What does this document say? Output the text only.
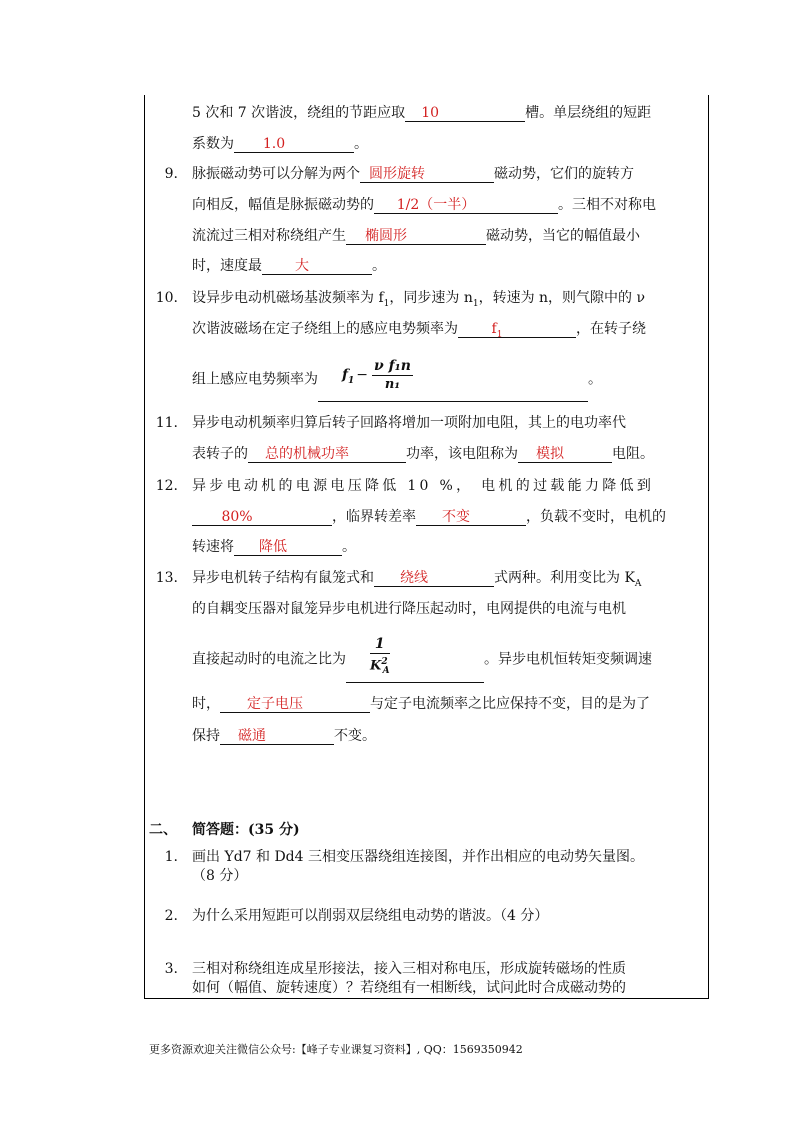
5 次和 7 次谐波，绕组的节距应取 10	槽。单层绕组的短距
系数为 1.0	。
9. 脉振磁动势可以分解为两个 圆形旋转	磁动势，它们的旋转方
向相反，幅值是脉振磁动势的 1/2（一半）	。三相不对称电
流流过三相对称绕组产生 椭圆形	磁动势，当它的幅值最小
时，速度最 大	。
10. 设异步电动机磁场基波频率为 $f_1$，同步速为 $n_1$，转速为 n，则气隙中的 ν
次谐波磁场在定子绕组上的感应电势频率为 $f_1$	，在转子绕
组上感应电势频率为 $f_1 - \frac{\text{ν f₁n}}{\text{n₁}}$	。
11. 异步电动机频率归算后转子回路将增加一项附加电阻，其上的电功率代
表转子的 总的机械功率	功率，该电阻称为 模拟	电阻。
12. 异步电动机的电源电压降低 10 %， 电机的过载能力降低到
80%	，临界转差率 不变	，负载不变时，电机的
转速将 降低	。
13. 异步电机转子结构有鼠笼式和 绕线	式两种。利用变比为 $K_A$
的自耦变压器对鼠笼异步电机进行降压起动时，电网提供的电流与电机
直接起动时的电流之比为 $\frac{1}{K^2_A}$	。异步电机恒转矩变频调速
时， 定子电压	与定子电流频率之比应保持不变，目的是为了
保持 磁通	不变。
二、 简答题：(35 分)
1. 画出 Yd7 和 Dd4 三相变压器绕组连接图，并作出相应的电动势矢量图。
（8 分）
2. 为什么采用短距可以削弱双层绕组电动势的谐波。（4 分）
3. 三相对称绕组连成星形接法，接入三相对称电压，形成旋转磁场的性质
如何（幅值、旋转速度）？若绕组有一相断线，试问此时合成磁动势的
更多资源欢迎关注微信公众号:【峰子专业课复习资料】, QQ：1569350942
